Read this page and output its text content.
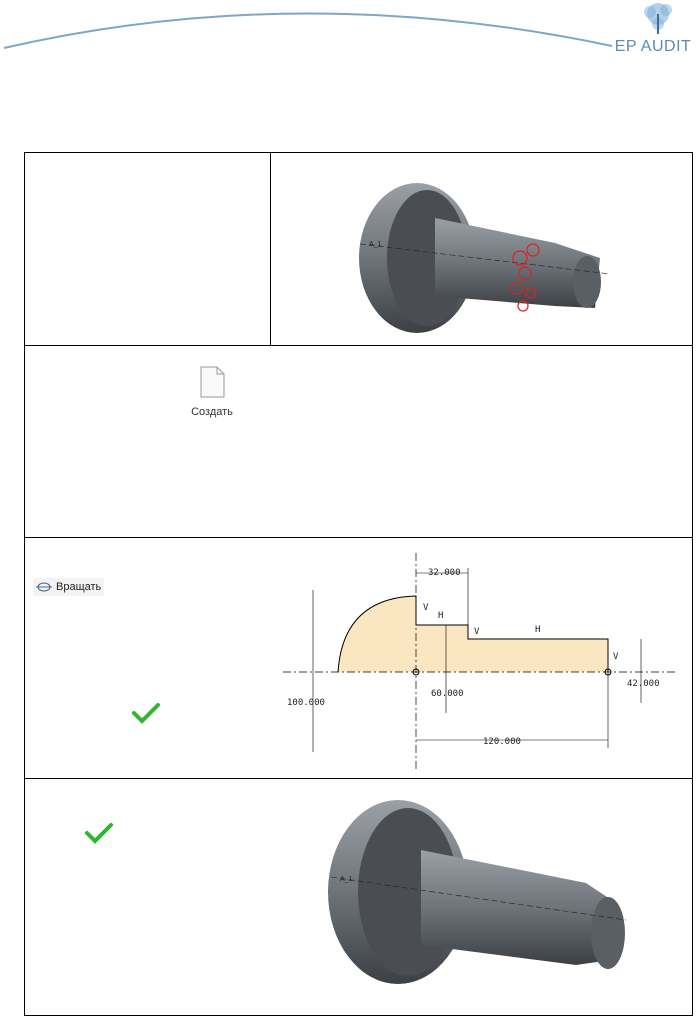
EP AUDIT
A_1
Создать
Вращать
32.000
100.000
120.000
60.000
42.000
V
H
V	H
V
A_1
